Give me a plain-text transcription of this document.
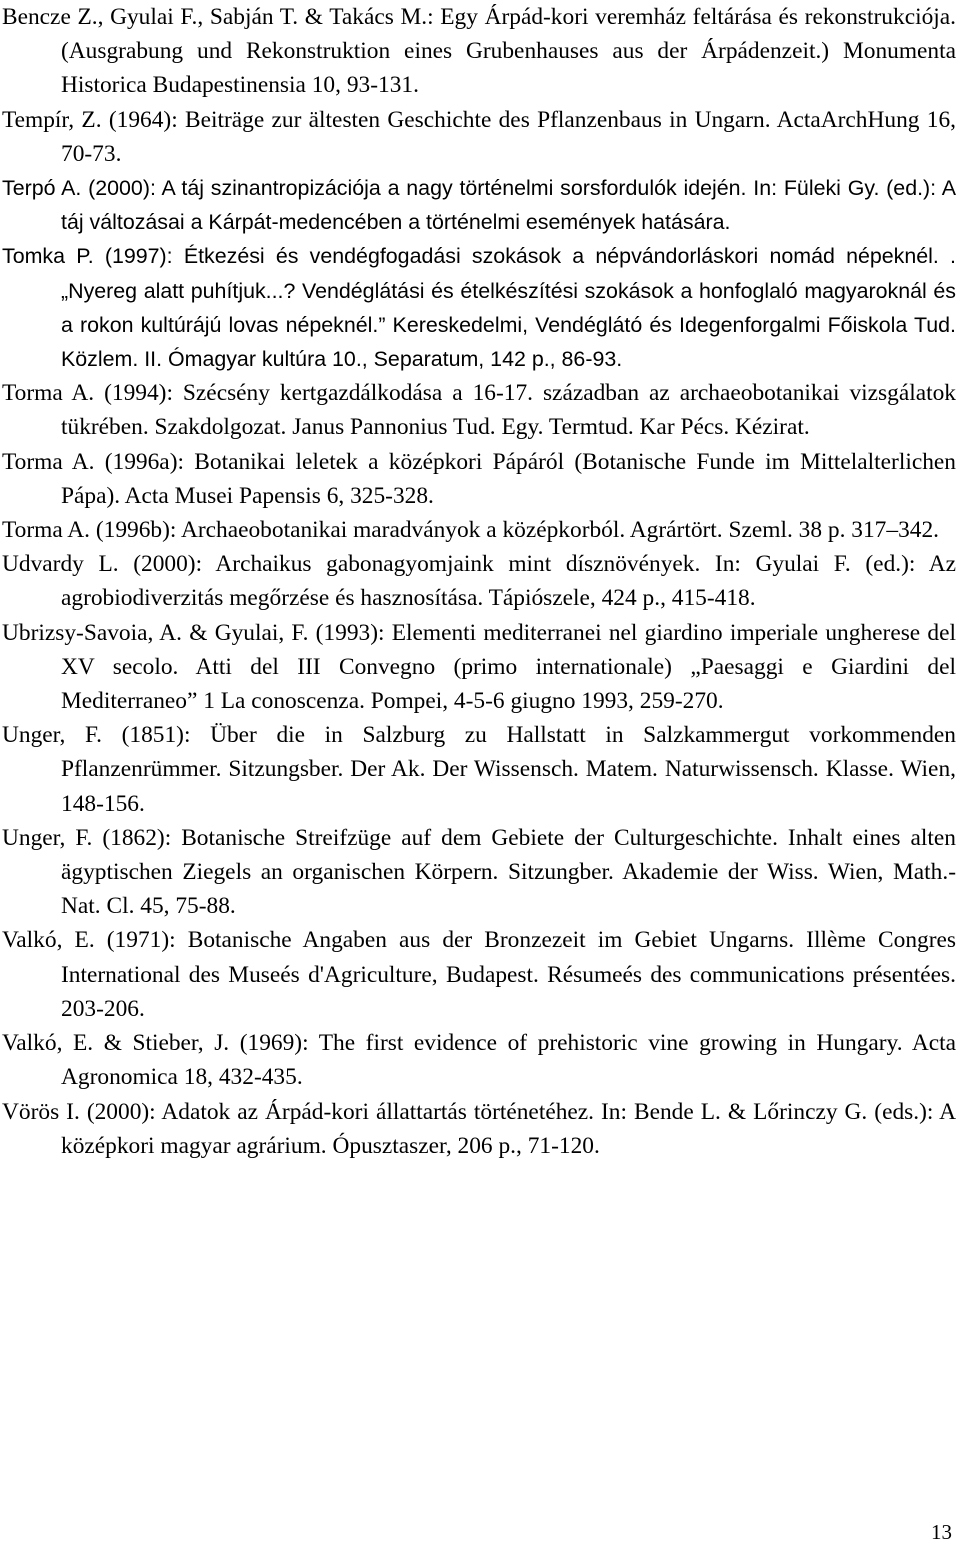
Bencze Z., Gyulai F., Sabján T. & Takács M.: Egy Árpád-kori veremház feltárása és rekonstrukciója. (Ausgrabung und Rekonstruktion eines Grubenhauses aus der Árpádenzeit.) Monumenta Historica Budapestinensia 10, 93-131.
Tempír, Z. (1964): Beiträge zur ältesten Geschichte des Pflanzenbaus in Ungarn. ActaArchHung 16, 70-73.
Terpó A. (2000): A táj szinantropizációja a nagy történelmi sorsfordulók idején. In: Füleki Gy. (ed.): A táj változásai a Kárpát-medencében a történelmi események hatására.
Tomka P. (1997): Étkezési és vendégfogadási szokások a népvándorláskori nomád népeknél. . „Nyereg alatt puhítjuk...? Vendéglátási és ételkészítési szokások a honfoglaló magyaroknál és a rokon kultúrájú lovas népeknél.” Kereskedelmi, Vendéglátó és Idegenforgalmi Főiskola Tud. Közlem. II. Ómagyar kultúra 10., Separatum, 142 p., 86-93.
Torma A. (1994): Szécsény kertgazdálkodása a 16-17. században az archaeobotanikai vizsgálatok tükrében. Szakdolgozat. Janus Pannonius Tud. Egy. Termtud. Kar Pécs. Kézirat.
Torma A. (1996a): Botanikai leletek a középkori Pápáról (Botanische Funde im Mittelalterlichen Pápa). Acta Musei Papensis 6, 325-328.
Torma A. (1996b): Archaeobotanikai maradványok a középkorból. Agrártört. Szeml. 38 p. 317–342.
Udvardy L. (2000): Archaikus gabonagyomjaink mint dísznövények. In: Gyulai F. (ed.): Az agrobiodiverzitás megőrzése és hasznosítása. Tápiószele, 424 p., 415-418.
Ubrizsy-Savoia, A. & Gyulai, F. (1993): Elementi mediterranei nel giardino imperiale ungherese del XV secolo. Atti del III Convegno (primo internationale) „Paesaggi e Giardini del Mediterraneo” 1 La conoscenza. Pompei, 4-5-6 giugno 1993, 259-270.
Unger, F. (1851): Über die in Salzburg zu Hallstatt in Salzkammergut vorkommenden Pflanzenrümmer. Sitzungsber. Der Ak. Der Wissensch. Matem. Naturwissensch. Klasse. Wien, 148-156.
Unger, F. (1862): Botanische Streifzüge auf dem Gebiete der Culturgeschichte. Inhalt eines alten ägyptischen Ziegels an organischen Körpern. Sitzungber. Akademie der Wiss. Wien, Math.-Nat. Cl. 45, 75-88.
Valkó, E. (1971): Botanische Angaben aus der Bronzezeit im Gebiet Ungarns. Illème Congres International des Museés d'Agriculture, Budapest. Résumeés des communications présentées. 203-206.
Valkó, E. & Stieber, J. (1969): The first evidence of prehistoric vine growing in Hungary. Acta Agronomica 18, 432-435.
Vörös I. (2000): Adatok az Árpád-kori állattartás történetéhez. In: Bende L. & Lőrinczy G. (eds.): A középkori magyar agrárium. Ópusztaszer, 206 p., 71-120.
13
